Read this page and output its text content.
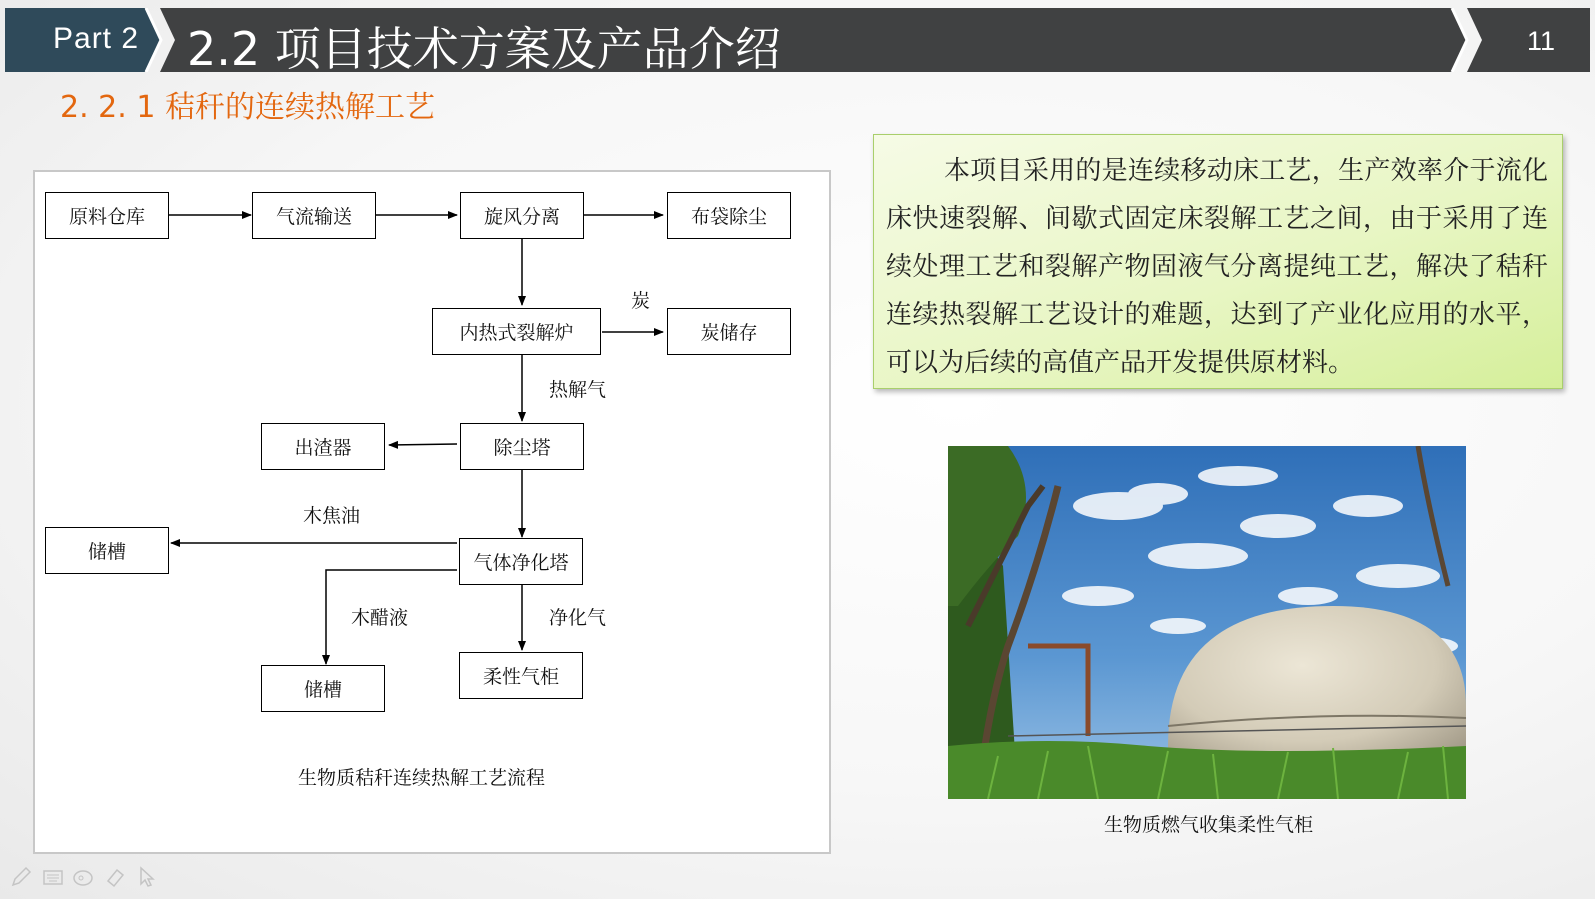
Part 2 2.2 项目技术方案及产品介绍	11
2. 2. 1 秸秆的连续热解工艺
原料仓库	气流输送	旋风分离	布袋除尘
内热式裂解炉	炭储存
出渣器	除尘塔
储槽	气体净化塔
储槽
柔性气柜
炭
热解气
木焦油
木醋液	净化气
生物质秸秆连续热解工艺流程
本项目采用的是连续移动床工艺，生产效率介于流化床快速裂解、间歇式固定床裂解工艺之间，由于采用了连续处理工艺和裂解产物固液气分离提纯工艺，解决了秸秆连续热裂解工艺设计的难题，达到了产业化应用的水平，可以为后续的高值产品开发提供原材料。
生物质燃气收集柔性气柜
